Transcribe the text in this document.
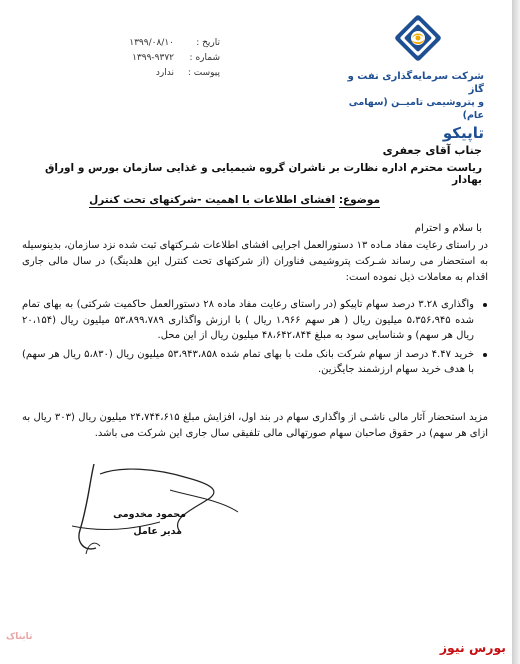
تاریخ :
۱۳۹۹/۰۸/۱۰
شماره :
۱۳۹۹-۹۳۷۲
پیوست :
ندارد	شرکت سرمایه‌گذاری نفت و گاز
و پتروشیمی تامیــن (سهامی عام)
تاپیکو
جناب آقای جعفری
ریاست محترم اداره نظارت بر ناشران گروه شیمیایی و غذایی سازمان بورس و اوراق بهادار
موضوع: افشای اطلاعات با اهمیت -شرکتهای تحت کنترل
با سلام و احترام
در راستای رعایت مفاد مـاده ۱۳ دستورالعمل اجرایی افشای اطلاعات شـرکتهای ثبت شده نزد سازمان، بدینوسیله به استحضار می رساند شـرکت پتروشیمی فناوران (از شرکتهای تحت کنترل این هلدینگ) در سال مالی جاری اقدام به معاملات ذیل نموده است:
واگذاری ۳.۲۸ درصد سهام تاپیکو (در راستای رعایت مفاد ماده ۲۸ دستورالعمل حاکمیت شرکتی) به بهای تمام شده ۵،۳۵۶،۹۴۵ میلیون ریال ( هر سهم ۱،۹۶۶ ریال ) با ارزش واگذاری ۵۳،۸۹۹،۷۸۹ میلیون ریال (۲۰،۱۵۴ ریال هر سهم) و شناسایی سود به مبلغ ۴۸،۶۴۲،۸۴۴ میلیون ریال از این محل.
خرید ۴.۴۷ درصد از سهام شرکت بانک ملت با بهای تمام شده ۵۳،۹۴۳،۸۵۸ میلیون ریال (۵،۸۳۰ ریال هر سهم) با هدف خرید سهام ارزشمند جایگزین.
مزید استحضار آثار مالی ناشـی از واگذاری سهام در بند اول، افزایش مبلغ ۲۴،۷۴۴،۶۱۵ میلیون ریال (۳۰۳ ریال به ازای هر سهم) در حقوق صاحبان سهام صورتهالی مالی تلفیقی سال جاری این شرکت می باشد.
محمود مخدومی
مدیر عامل
تابناک
بورس نیوز
